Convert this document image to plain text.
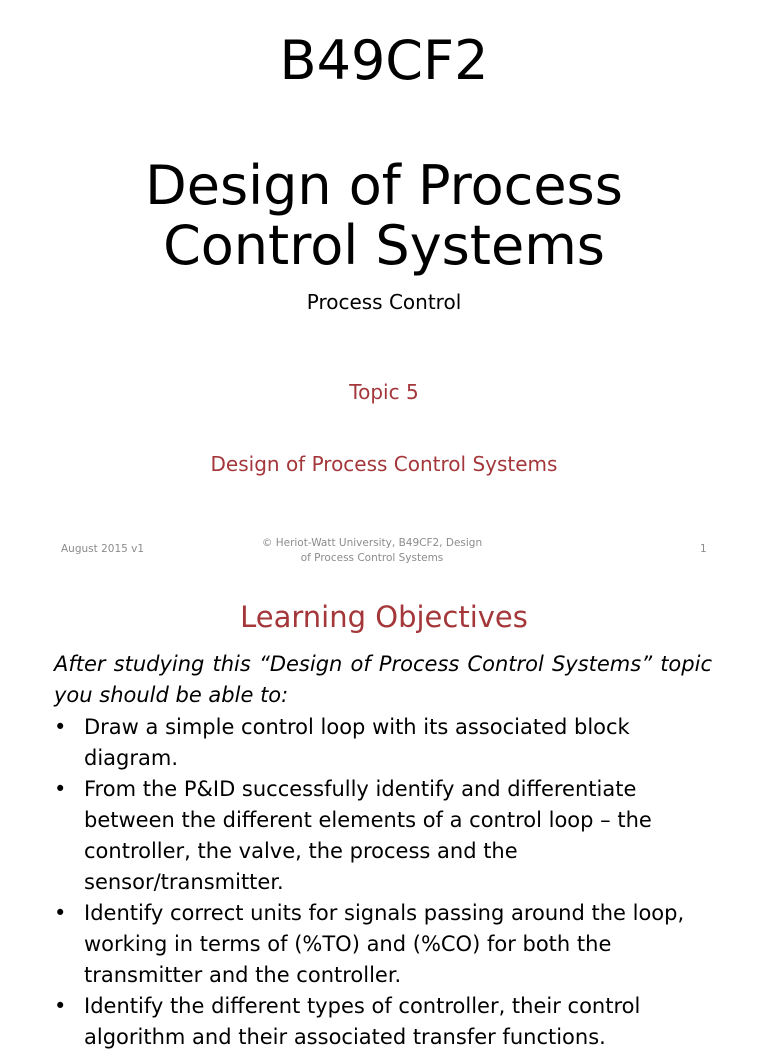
B49CF2
Design of Process
Control Systems
Process Control
Topic 5
Design of Process Control Systems
August 2015 v1	© Heriot-Watt University, B49CF2, Design
of Process Control Systems
1
Learning Objectives
After studying this “Design of Process Control Systems” topic you should be able to:
• Draw a simple control loop with its associated block diagram.
• From the P&ID successfully identify and differentiate between the different elements of a control loop – the controller, the valve, the process and the sensor/transmitter.
• Identify correct units for signals passing around the loop, working in terms of (%TO) and (%CO) for both the transmitter and the controller.
• Identify the different types of controller, their control algorithm and their associated transfer functions.
